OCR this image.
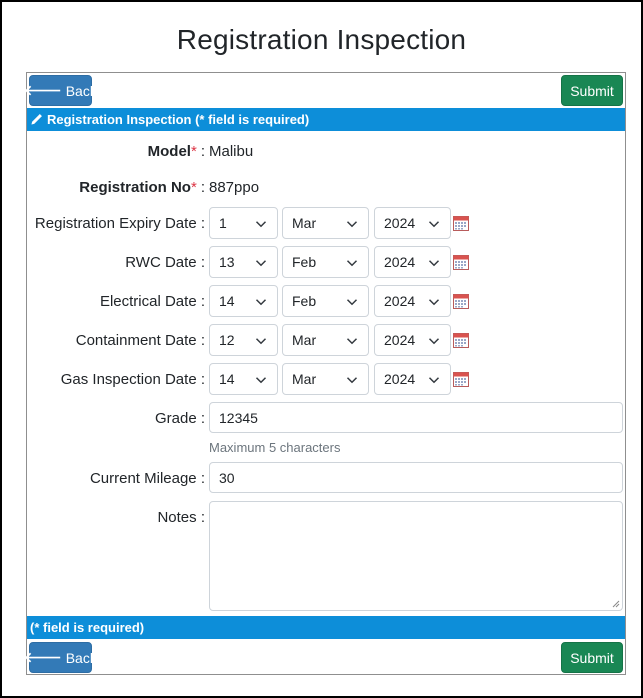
Registration Inspection
🡐 Back	Submit
Registration Inspection (* field is required)
Model * : Malibu
Registration No * : 887ppo
Registration Expiry Date : 1	Mar	2024
RWC Date : 13	Feb	2024
Electrical Date : 14	Feb	2024
Containment Date : 12	Mar	2024
Gas Inspection Date : 14	Mar	2024
Grade :	12345
Maximum 5 characters
Current Mileage :	30
Notes :
(* field is required)
🡐 Back	Submit
